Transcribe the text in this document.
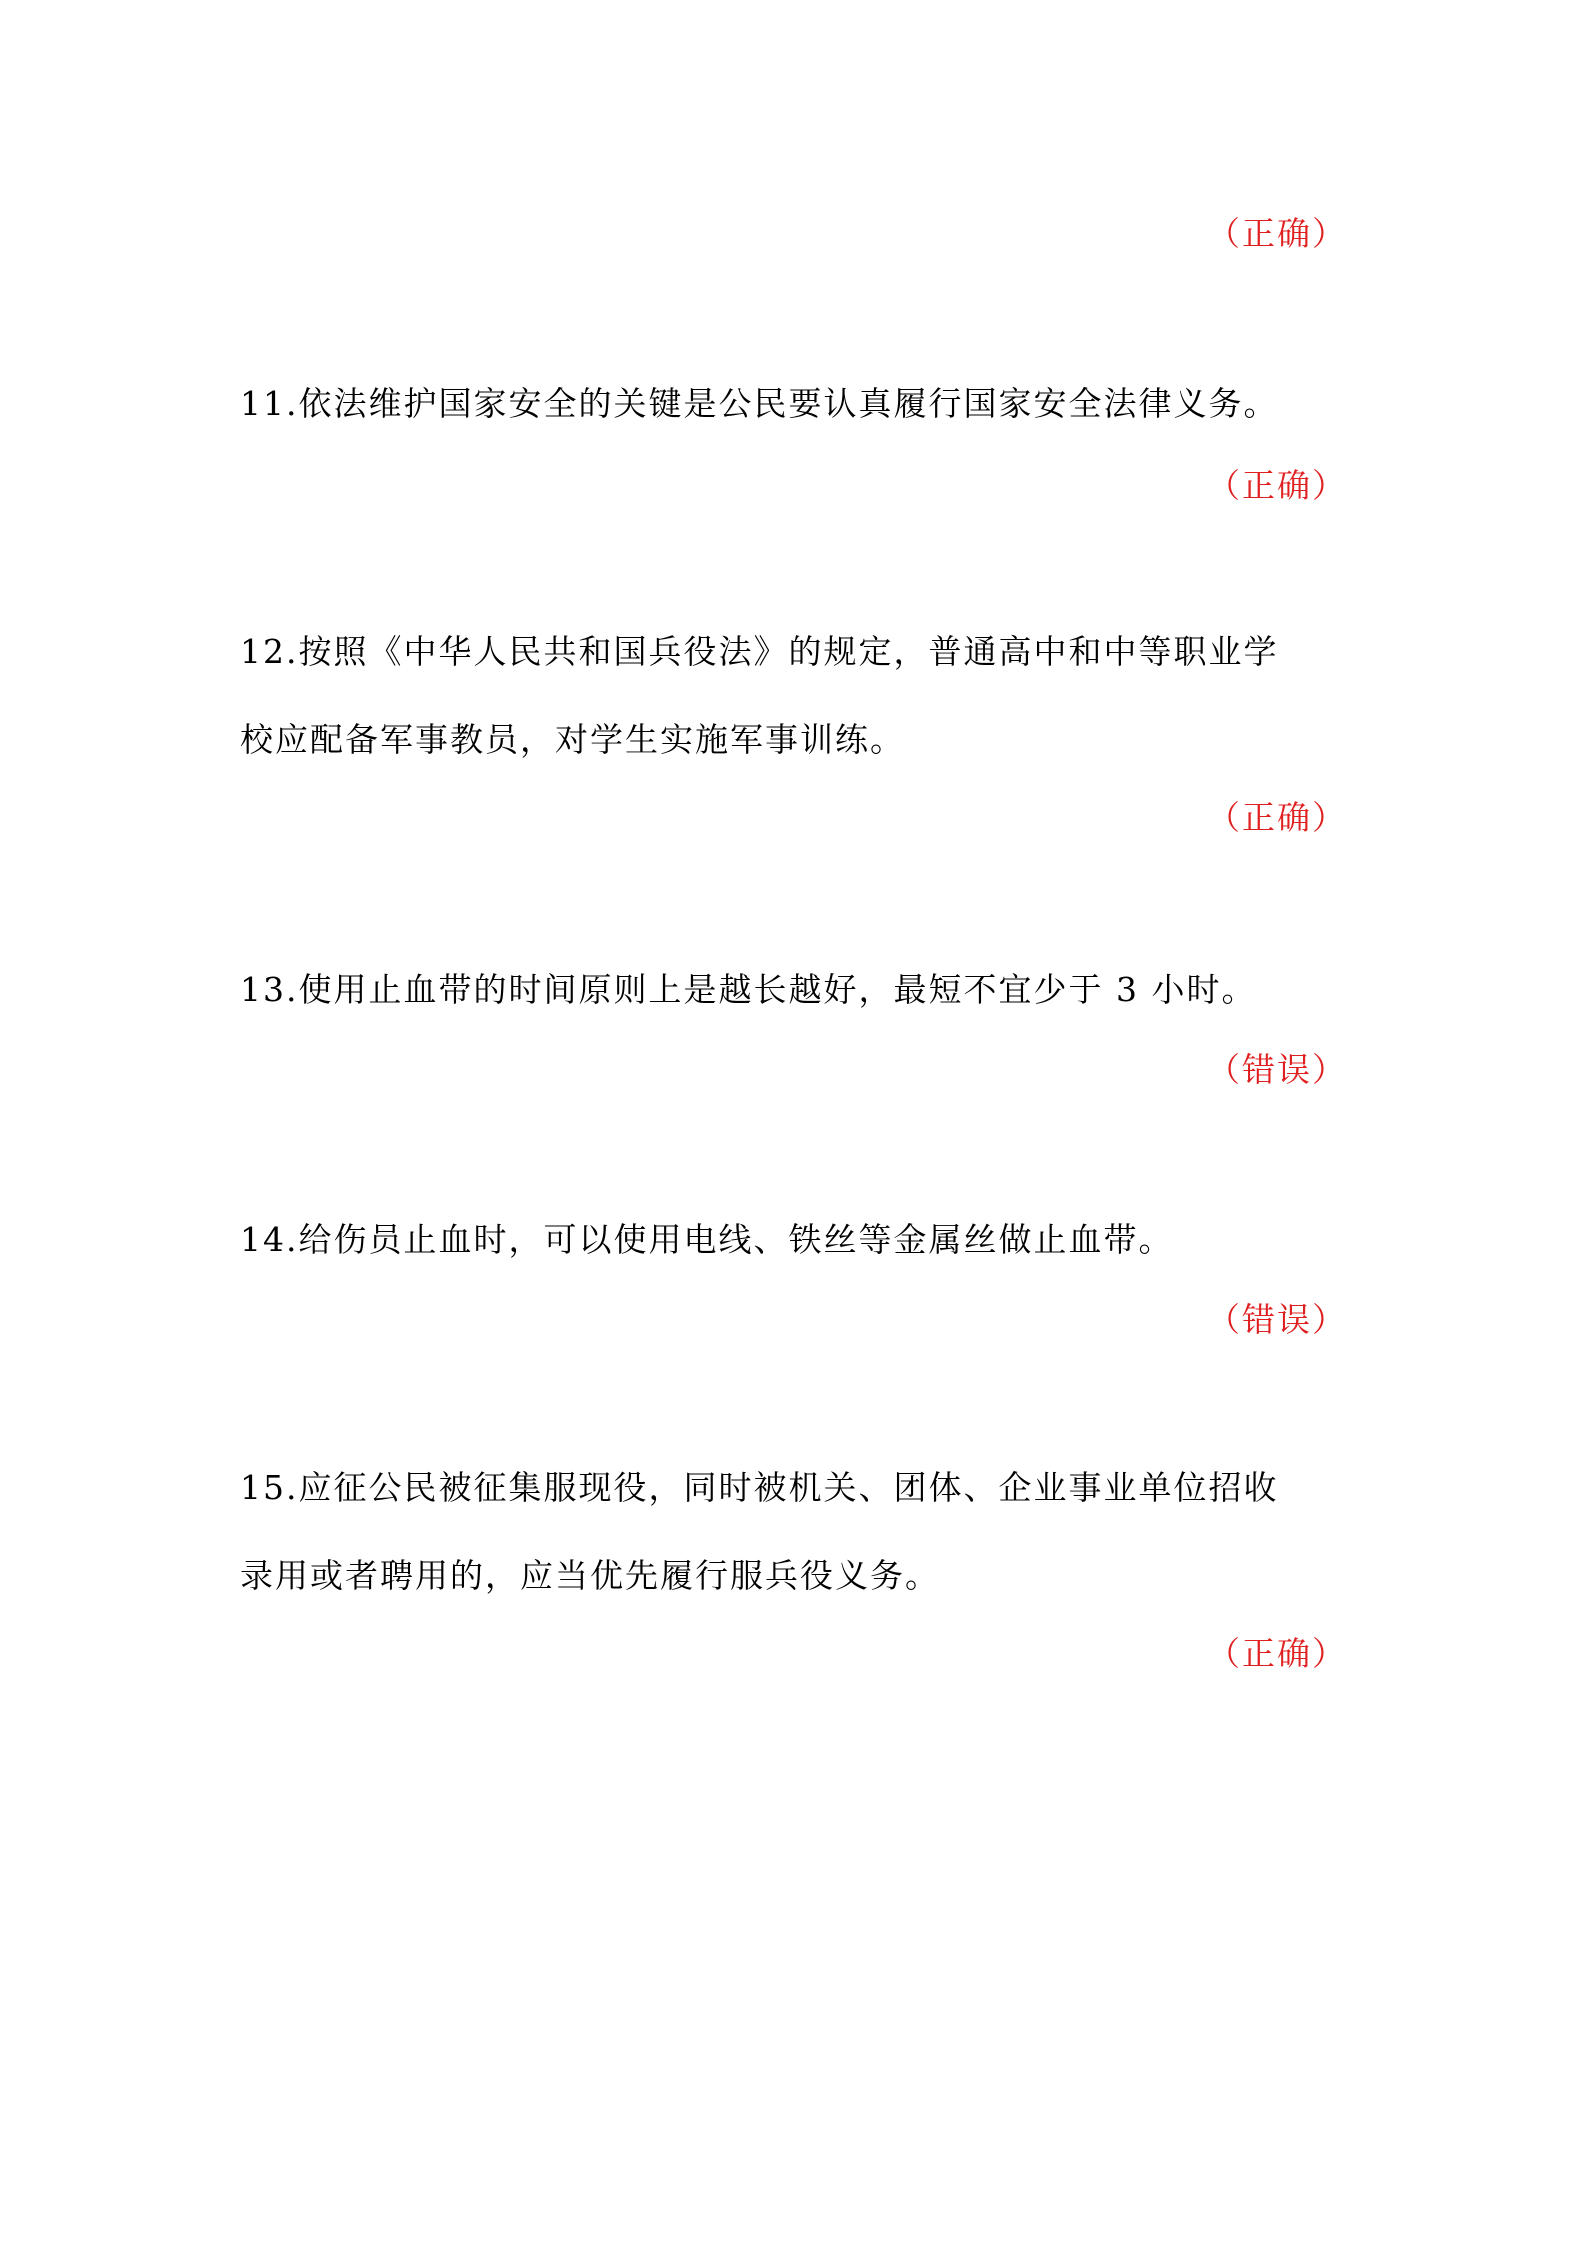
（正确）
11.依法维护国家安全的关键是公民要认真履行国家安全法律义务。
（正确）
12.按照《中华人民共和国兵役法》的规定，普通高中和中等职业学
校应配备军事教员，对学生实施军事训练。
（正确）
13.使用止血带的时间原则上是越长越好，最短不宜少于 3 小时。
（错误）
14.给伤员止血时，可以使用电线、铁丝等金属丝做止血带。
（错误）
15.应征公民被征集服现役，同时被机关、团体、企业事业单位招收
录用或者聘用的，应当优先履行服兵役义务。
（正确）
